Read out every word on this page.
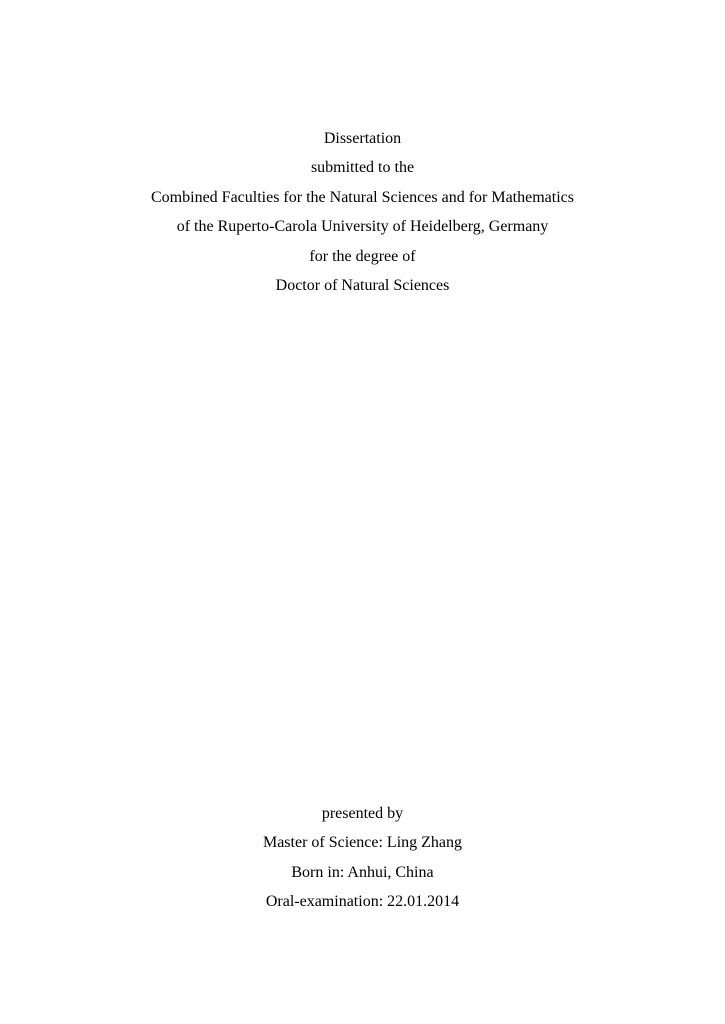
Dissertation
submitted to the
Combined Faculties for the Natural Sciences and for Mathematics
of the Ruperto-Carola University of Heidelberg, Germany
for the degree of
Doctor of Natural Sciences
presented by
Master of Science: Ling Zhang
Born in: Anhui, China
Oral-examination: 22.01.2014
